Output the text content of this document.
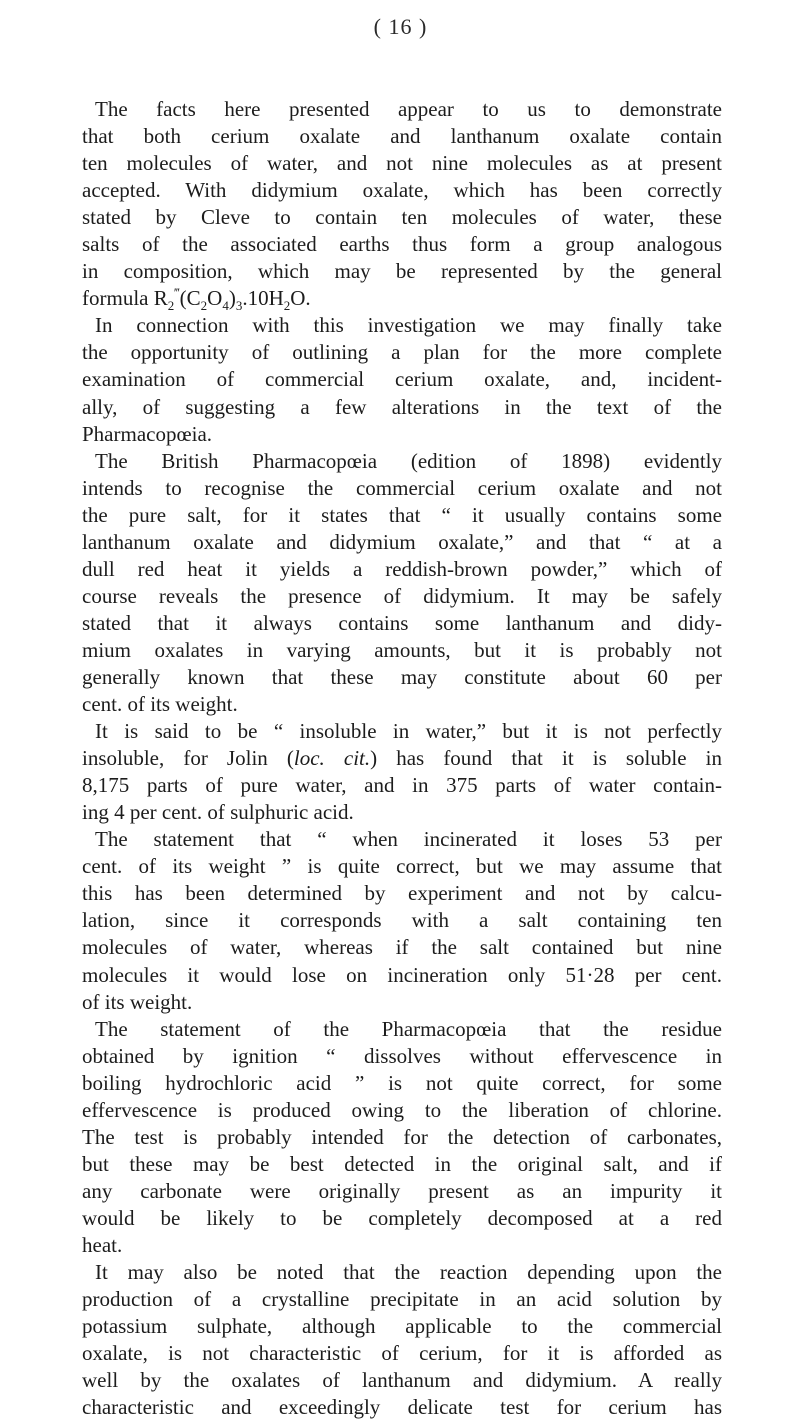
( 16 )
The facts here presented appear to us to demonstrate
that both cerium oxalate and lanthanum oxalate contain
ten molecules of water, and not nine molecules as at present
accepted. With didymium oxalate, which has been correctly
stated by Cleve to contain ten molecules of water, these
salts of the associated earths thus form a group analogous
in composition, which may be represented by the general
formula $R_2^‴(C_2O_4)_3.10H_2O$.
In connection with this investigation we may finally take
the opportunity of outlining a plan for the more complete
examination of commercial cerium oxalate, and, incident-
ally, of suggesting a few alterations in the text of the
Pharmacopœia.
The British Pharmacopœia (edition of 1898) evidently
intends to recognise the commercial cerium oxalate and not
the pure salt, for it states that “ it usually contains some
lanthanum oxalate and didymium oxalate,” and that “ at a
dull red heat it yields a reddish-brown powder,” which of
course reveals the presence of didymium. It may be safely
stated that it always contains some lanthanum and didy-
mium oxalates in varying amounts, but it is probably not
generally known that these may constitute about 60 per
cent. of its weight.
It is said to be “ insoluble in water,” but it is not perfectly
insoluble, for Jolin (loc. cit.) has found that it is soluble in
8,175 parts of pure water, and in 375 parts of water contain-
ing 4 per cent. of sulphuric acid.
The statement that “ when incinerated it loses 53 per
cent. of its weight ” is quite correct, but we may assume that
this has been determined by experiment and not by calcu-
lation, since it corresponds with a salt containing ten
molecules of water, whereas if the salt contained but nine
molecules it would lose on incineration only 51·28 per cent.
of its weight.
The statement of the Pharmacopœia that the residue
obtained by ignition “ dissolves without effervescence in
boiling hydrochloric acid ” is not quite correct, for some
effervescence is produced owing to the liberation of chlorine.
The test is probably intended for the detection of carbonates,
but these may be best detected in the original salt, and if
any carbonate were originally present as an impurity it
would be likely to be completely decomposed at a red
heat.
It may also be noted that the reaction depending upon the
production of a crystalline precipitate in an acid solution by
potassium sulphate, although applicable to the commercial
oxalate, is not characteristic of cerium, for it is afforded as
well by the oxalates of lanthanum and didymium. A really
characteristic and exceedingly delicate test for cerium has
